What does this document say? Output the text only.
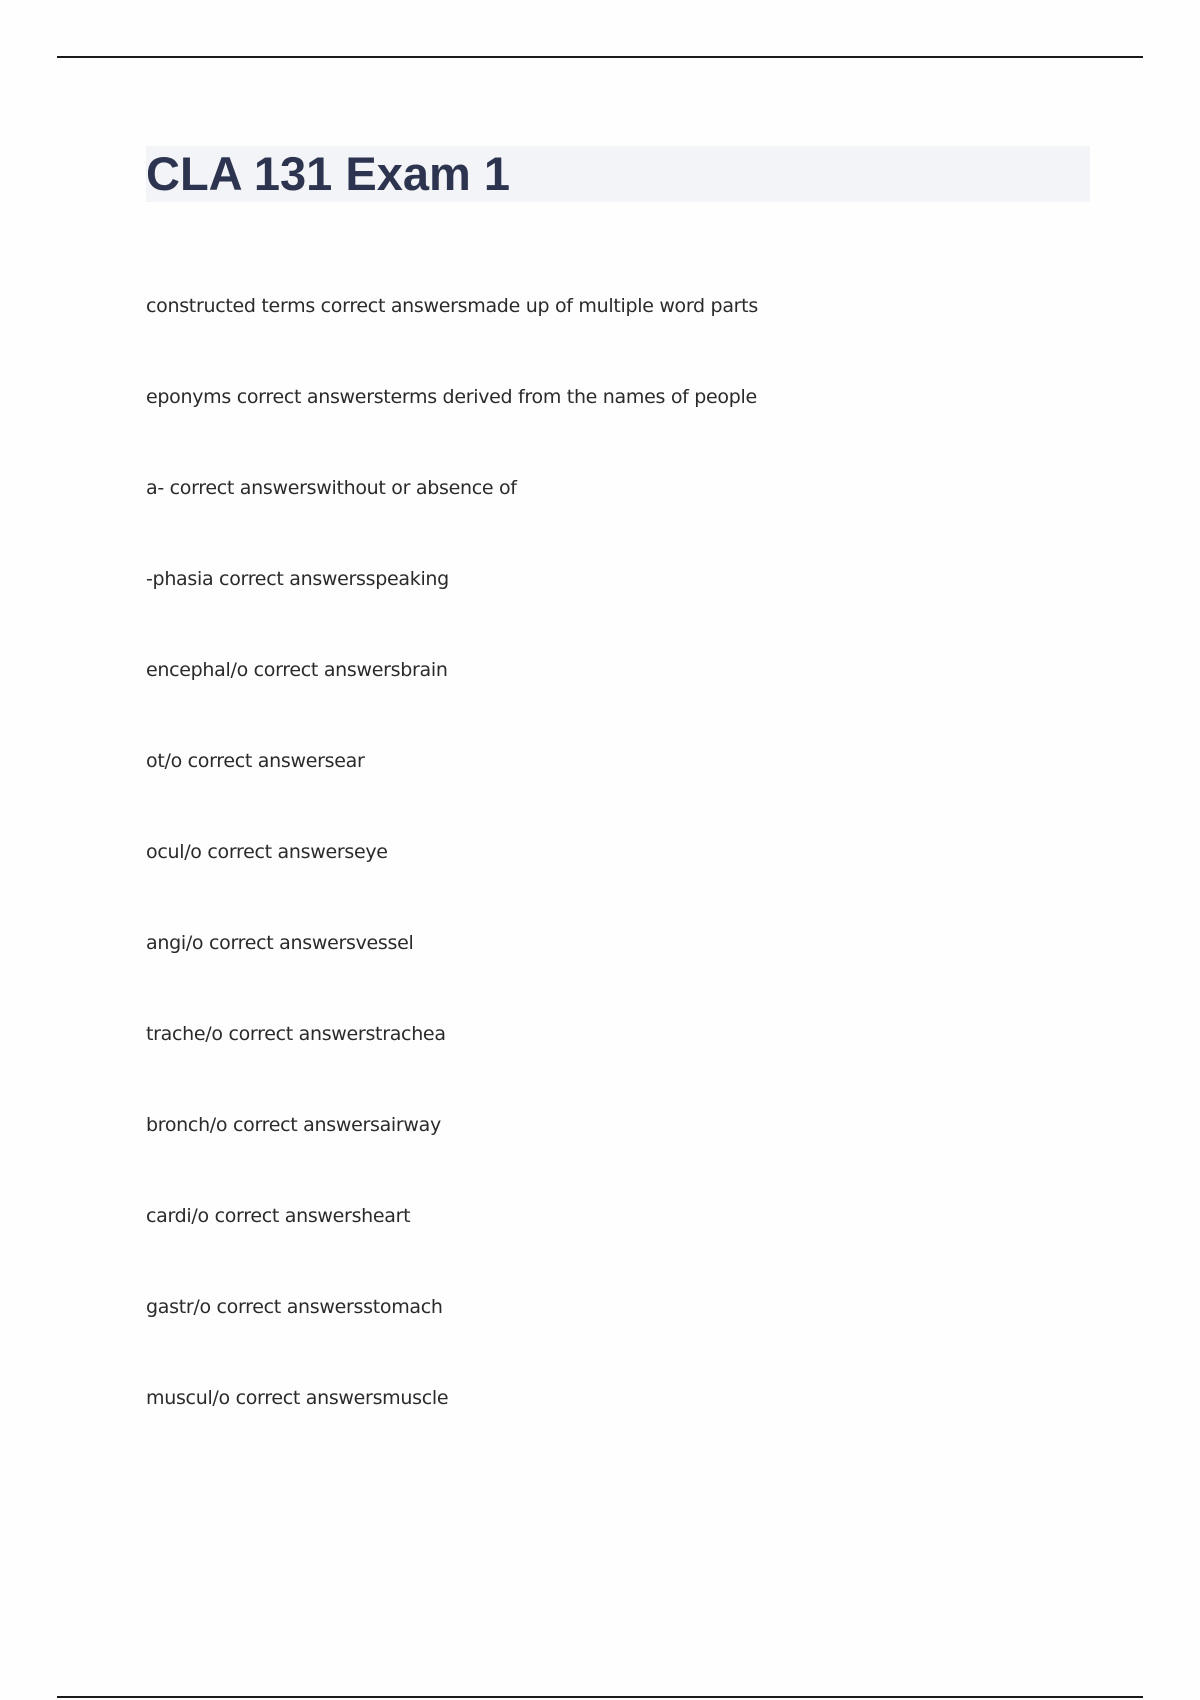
CLA 131 Exam 1
constructed terms correct answersmade up of multiple word parts
eponyms correct answersterms derived from the names of people
a- correct answerswithout or absence of
-phasia correct answersspeaking
encephal/o correct answersbrain
ot/o correct answersear
ocul/o correct answerseye
angi/o correct answersvessel
trache/o correct answerstrachea
bronch/o correct answersairway
cardi/o correct answersheart
gastr/o correct answersstomach
muscul/o correct answersmuscle
